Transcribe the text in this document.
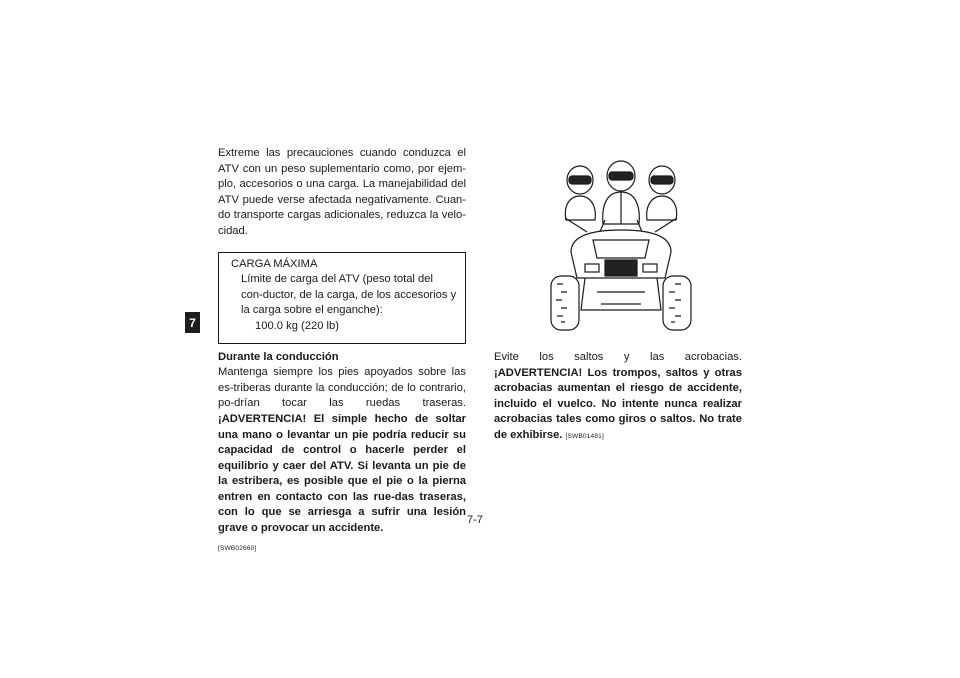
7

Extreme las precauciones cuando conduzca el ATV con un peso suplementario como, por ejem-plo, accesorios o una carga. La manejabilidad del ATV puede verse afectada negativamente. Cuan-do transporte cargas adicionales, reduzca la velo-cidad.

CARGA MÁXIMA
Límite de carga del ATV (peso total del con-ductor, de la carga, de los accesorios y la carga sobre el enganche):
100.0 kg (220 lb)
Durante la conducción

Mantenga siempre los pies apoyados sobre las es-triberas durante la conducción; de lo contrario, po-drían tocar las ruedas traseras. ¡ADVERTENCIA! El simple hecho de soltar una mano o levantar un pie podría reducir su capacidad de control o hacerle perder el equilibrio y caer del ATV. Si levanta un pie de la estribera, es posible que el pie o la pierna entren en contacto con las rue-das traseras, con lo que se arriesga a sufrir una lesión grave o provocar un accidente.
[SWB02660]

Evite los saltos y las acrobacias. ¡ADVERTENCIA! Los trompos, saltos y otras acrobacias aumentan el riesgo de accidente, incluido el vuelco. No intente nunca realizar acrobacias tales como giros o saltos. No trate de exhibirse. [SWB01481]

7-7
